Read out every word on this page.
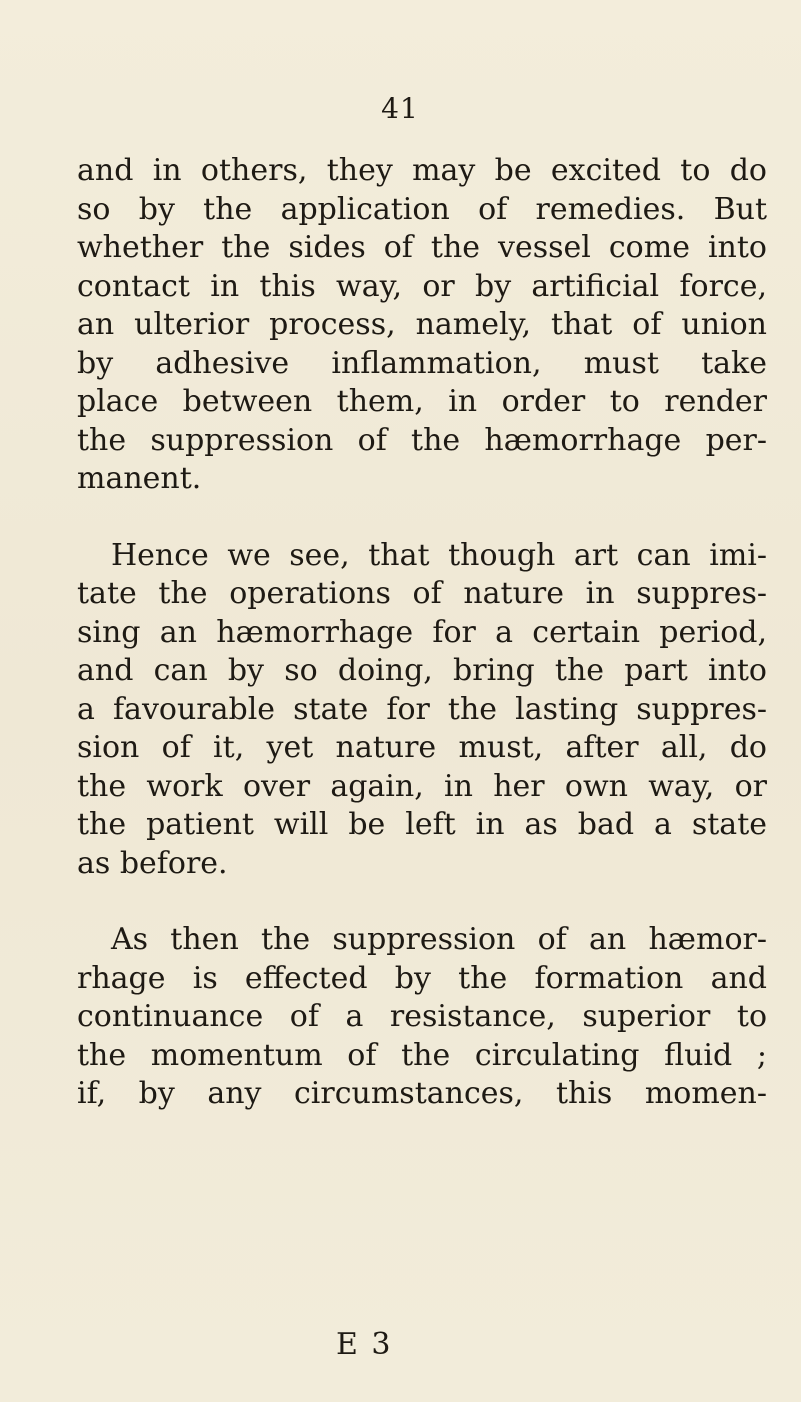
41
and in others, they may be excited to do
so by the application of remedies. But
whether the sides of the vessel come into
contact in this way, or by artificial force,
an ulterior process, namely, that of union
by adhesive inflammation, must take
place between them, in order to render
the suppression of the hæmorrhage per-
manent.
Hence we see, that though art can imi-
tate the operations of nature in suppres-
sing an hæmorrhage for a certain period,
and can by so doing, bring the part into
a favourable state for the lasting suppres-
sion of it, yet nature must, after all, do
the work over again, in her own way, or
the patient will be left in as bad a state
as before.
As then the suppression of an hæmor-
rhage is effected by the formation and
continuance of a resistance, superior to
the momentum of the circulating fluid ;
if, by any circumstances, this momen-
E 3
